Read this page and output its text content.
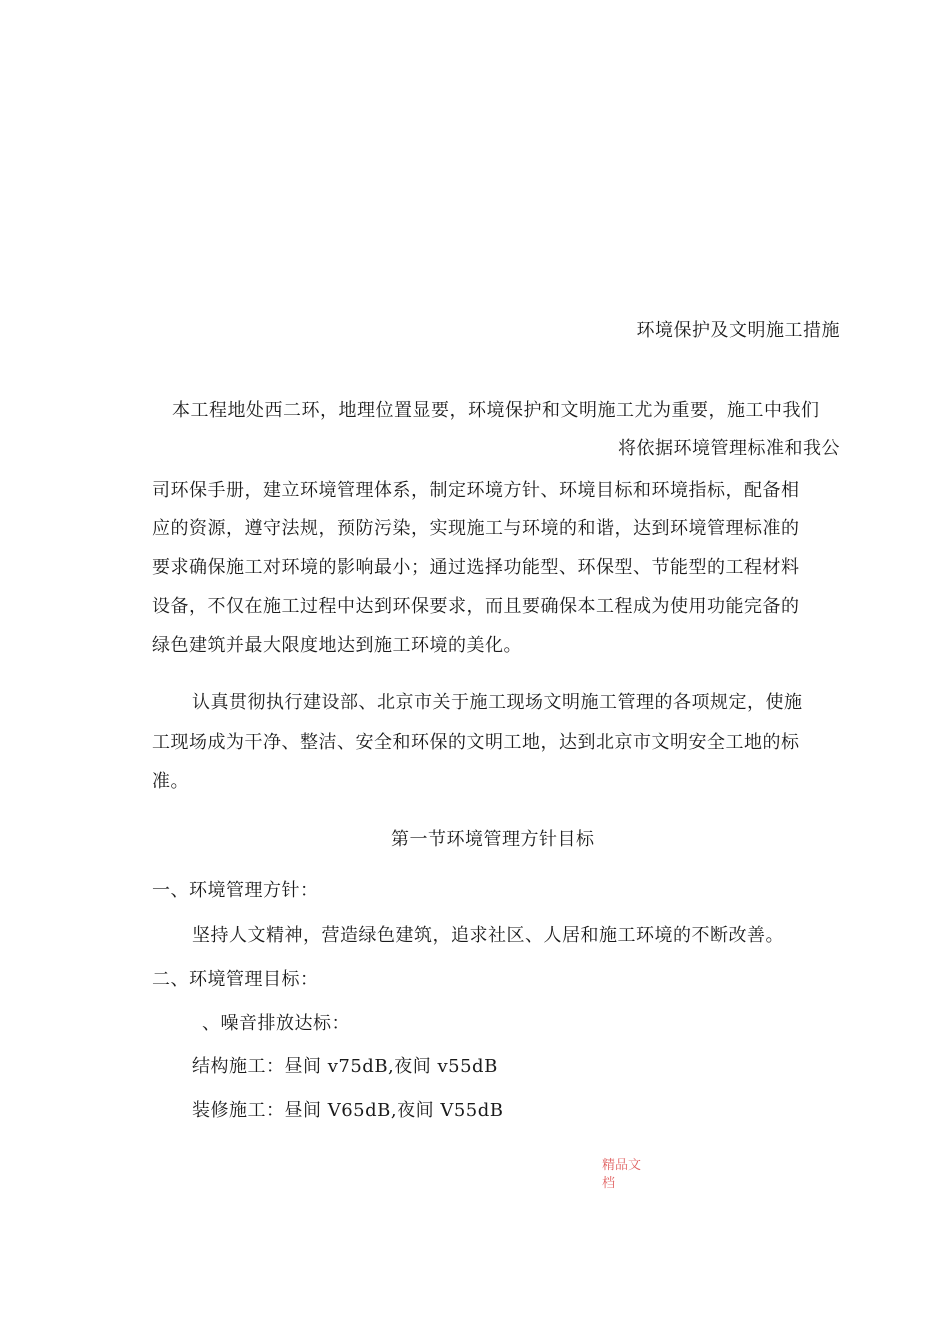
环境保护及文明施工措施
本工程地处西二环，地理位置显要，环境保护和文明施工尤为重要，施工中我们
将依据环境管理标准和我公
司环保手册，建立环境管理体系，制定环境方针、环境目标和环境指标，配备相
应的资源，遵守法规，预防污染，实现施工与环境的和谐，达到环境管理标准的
要求确保施工对环境的影响最小；通过选择功能型、环保型、节能型的工程材料
设备，不仅在施工过程中达到环保要求，而且要确保本工程成为使用功能完备的
绿色建筑并最大限度地达到施工环境的美化。
认真贯彻执行建设部、北京市关于施工现场文明施工管理的各项规定，使施
工现场成为干净、整洁、安全和环保的文明工地，达到北京市文明安全工地的标
准。
第一节环境管理方针目标
一、环境管理方针：
坚持人文精神，营造绿色建筑，追求社区、人居和施工环境的不断改善。
二、环境管理目标：
、噪音排放达标：
结构施工：昼间 v75dB,夜间 v55dB
装修施工：昼间 V65dB,夜间 V55dB
精品文档
